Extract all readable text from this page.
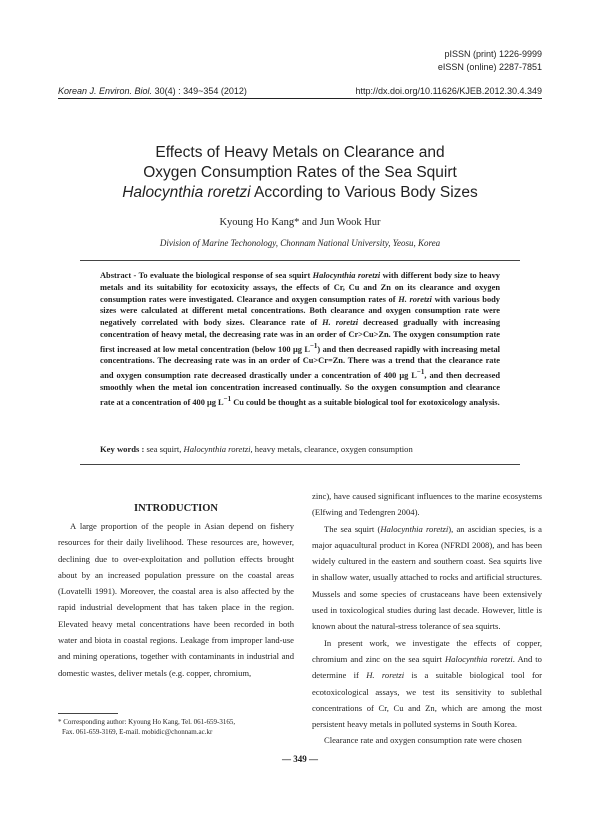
pISSN (print) 1226-9999
eISSN (online) 2287-7851
Korean J. Environ. Biol. 30(4) : 349~354 (2012)	http://dx.doi.org/10.11626/KJEB.2012.30.4.349
Effects of Heavy Metals on Clearance and
Oxygen Consumption Rates of the Sea Squirt
Halocynthia roretzi According to Various Body Sizes
Kyoung Ho Kang* and Jun Wook Hur
Division of Marine Techonology, Chonnam National University, Yeosu, Korea
Abstract - To evaluate the biological response of sea squirt Halocynthia roretzi with different body size to heavy metals and its suitability for ecotoxicity assays, the effects of Cr, Cu and Zn on its clearance and oxygen consumption rates were investigated. Clearance and oxygen consumption rates of H. roretzi with various body sizes were calculated at different metal concentrations. Both clearance and oxygen consumption rate were negatively correlated with body sizes. Clearance rate of H. roretzi decreased gradually with increasing concentration of heavy metal, the decreasing rate was in an order of Cr>Cu>Zn. The oxygen consumption rate first increased at low metal concentration (below 100 μg $L^{-1}$) and then decreased rapidly with increasing metal concentrations. The decreasing rate was in an order of Cu>Cr=Zn. There was a trend that the clearance rate and oxygen consumption rate decreased drastically under a concentration of 400 μg $L^{-1}$, and then decreased smoothly when the metal ion concentration increased continually. So the oxygen consumption and clearance rate at a concentration of 400 μg $L^{-1}$ Cu could be thought as a suitable biological tool for exotoxicology analysis.
Key words : sea squirt, Halocynthia roretzi, heavy metals, clearance, oxygen consumption
INTRODUCTION

A large proportion of the people in Asian depend on fishery resources for their daily livelihood. These resources are, however, declining due to over-exploitation and pollution effects brought about by an increased population pressure on the coastal areas (Lovatelli 1991). Moreover, the coastal area is also affected by the rapid industrial development that has taken place in the region. Elevated heavy metal concentrations have been recorded in both water and biota in coastal regions. Leakage from improper land-use and mining operations, together with contaminants in industrial and domestic wastes, deliver metals (e.g. copper, chromium,

zinc), have caused significant influences to the marine ecosystems (Elfwing and Tedengren 2004).

The sea squirt (Halocynthia roretzi), an ascidian species, is a major aquacultural product in Korea (NFRDI 2008), and has been widely cultured in the eastern and southern coast. Sea squirts live in shallow water, usually attached to rocks and artificial structures. Mussels and some species of crustaceans have been extensively used in toxicological studies during last decade. However, little is known about the natural-stress tolerance of sea squirts.

In present work, we investigate the effects of copper, chromium and zinc on the sea squirt Halocynthia roretzi. And to determine if H. roretzi is a suitable biological tool for ecotoxicological assays, we test its sensitivity to sublethal concentrations of Cr, Cu and Zn, which are among the most persistent heavy metals in polluted systems in South Korea.

Clearance rate and oxygen consumption rate were chosen

* Corresponding author: Kyoung Ho Kang, Tel. 061-659-3165,
Fax. 061-659-3169, E-mail. mobidic@chonnam.ac.kr
— 349 —
